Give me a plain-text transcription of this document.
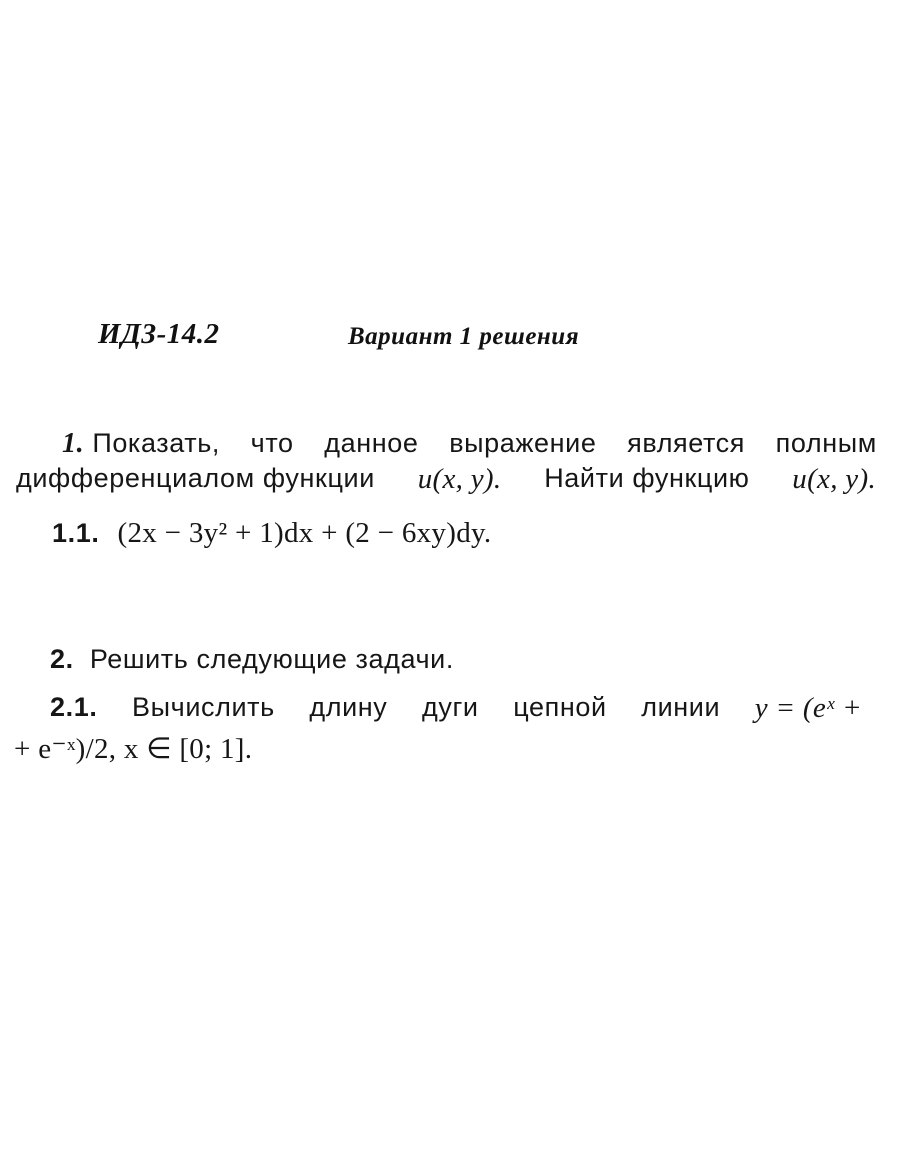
ИДЗ-14.2	Вариант 1 решения
1. Показать, что данное выражение является полным
дифференциалом функции u(x, y). Найти функцию u(x, y).
1.1. (2x − 3y² + 1)dx + (2 − 6xy)dy.
2. Решить следующие задачи.
2.1. Вычислить длину дуги цепной линии y = (eˣ +
+ e⁻ˣ)/2, x ∈ [0; 1].
